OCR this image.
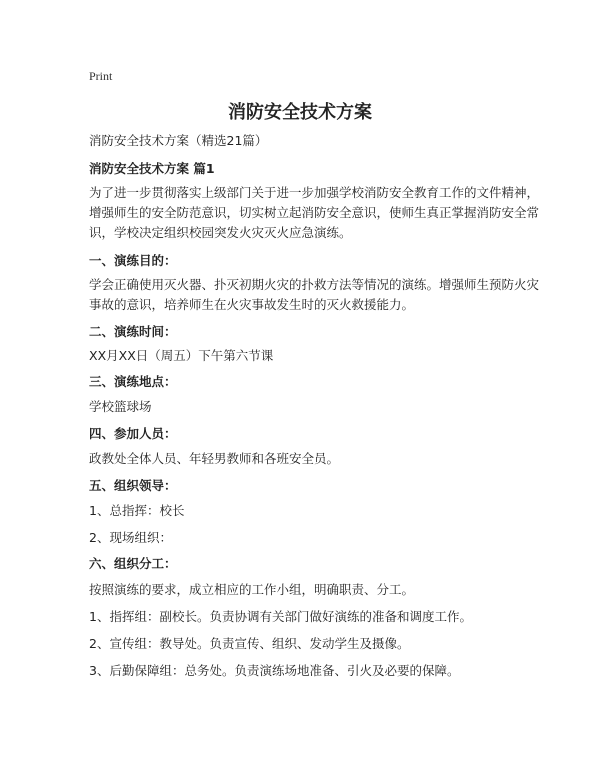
Print
消防安全技术方案
消防安全技术方案（精选21篇）
消防安全技术方案 篇1
为了进一步贯彻落实上级部门关于进一步加强学校消防安全教育工作的文件精神，
增强师生的安全防范意识，切实树立起消防安全意识，使师生真正掌握消防安全常
识，学校决定组织校园突发火灾灭火应急演练。
一、演练目的：
学会正确使用灭火器、扑灭初期火灾的扑救方法等情况的演练。增强师生预防火灾
事故的意识，培养师生在火灾事故发生时的灭火救援能力。
二、演练时间：
XX月XX日（周五）下午第六节课
三、演练地点：
学校篮球场
四、参加人员：
政教处全体人员、年轻男教师和各班安全员。
五、组织领导：
1、总指挥：校长
2、现场组织：
六、组织分工：
按照演练的要求，成立相应的工作小组，明确职责、分工。
1、指挥组：副校长。负责协调有关部门做好演练的准备和调度工作。
2、宣传组：教导处。负责宣传、组织、发动学生及摄像。
3、后勤保障组：总务处。负责演练场地准备、引火及必要的保障。
